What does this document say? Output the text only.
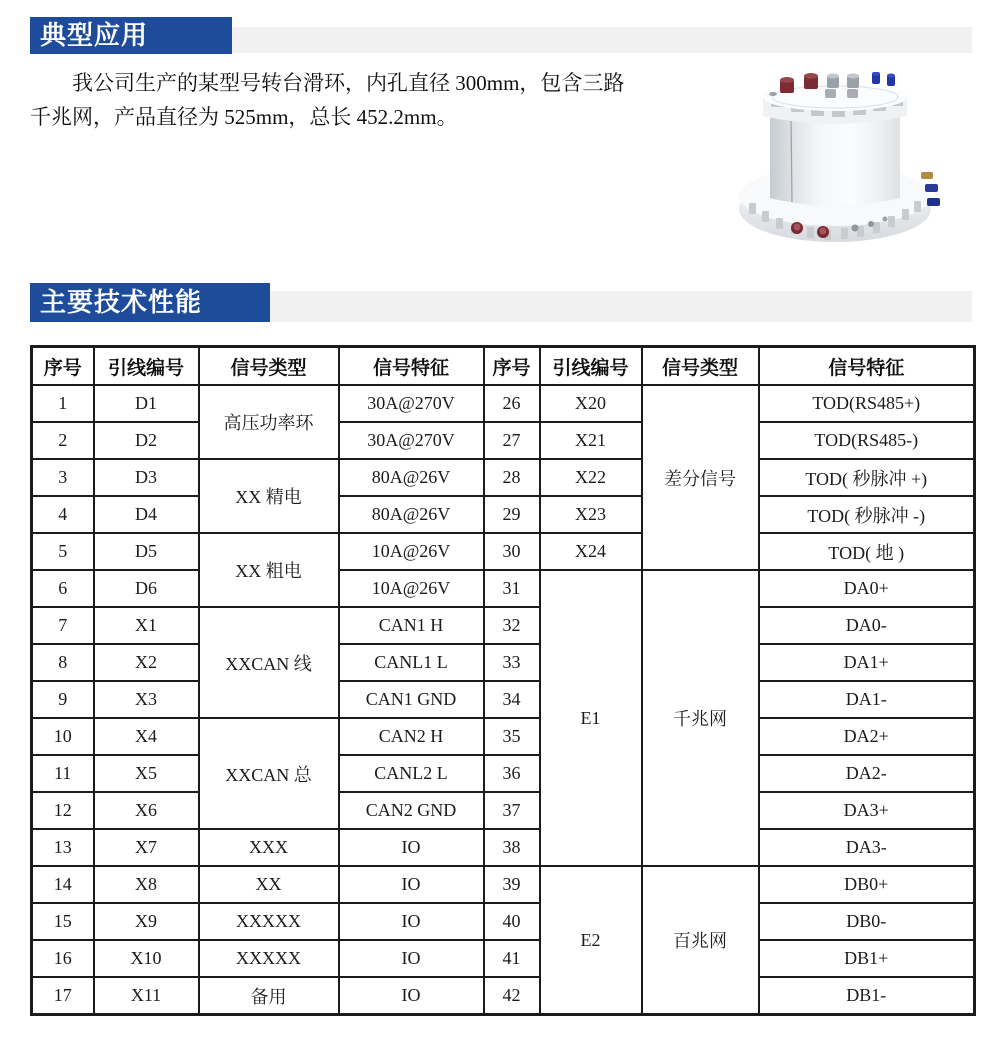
典型应用
我公司生产的某型号转台滑环，内孔直径 300mm，包含三路
千兆网，产品直径为 525mm，总长 452.2mm。
主要技术性能
序号	引线编号	信号类型	信号特征	序号	引线编号	信号类型	信号特征
1	D1	高压功率环	30A@270V	26	X20	差分信号	TOD(RS485+)
2	D2		30A@270V	27	X21		TOD(RS485-)
3	D3	XX 精电	80A@26V	28	X22		TOD( 秒脉冲 +)
4	D4		80A@26V	29	X23		TOD( 秒脉冲 -)
5	D5	XX 粗电	10A@26V	30	X24		TOD( 地 )
6	D6		10A@26V	31	E1	千兆网	DA0+
7	X1	XXCAN 线	CAN1 H	32			DA0-
8	X2		CANL1 L	33			DA1+
9	X3		CAN1 GND	34			DA1-
10	X4	XXCAN 总	CAN2 H	35			DA2+
11	X5		CANL2 L	36			DA2-
12	X6		CAN2 GND	37			DA3+
13	X7	XXX	IO	38			DA3-
14	X8	XX	IO	39	E2	百兆网	DB0+
15	X9	XXXXX	IO	40			DB0-
16	X10	XXXXX	IO	41			DB1+
17	X11	备用	IO	42			DB1-
